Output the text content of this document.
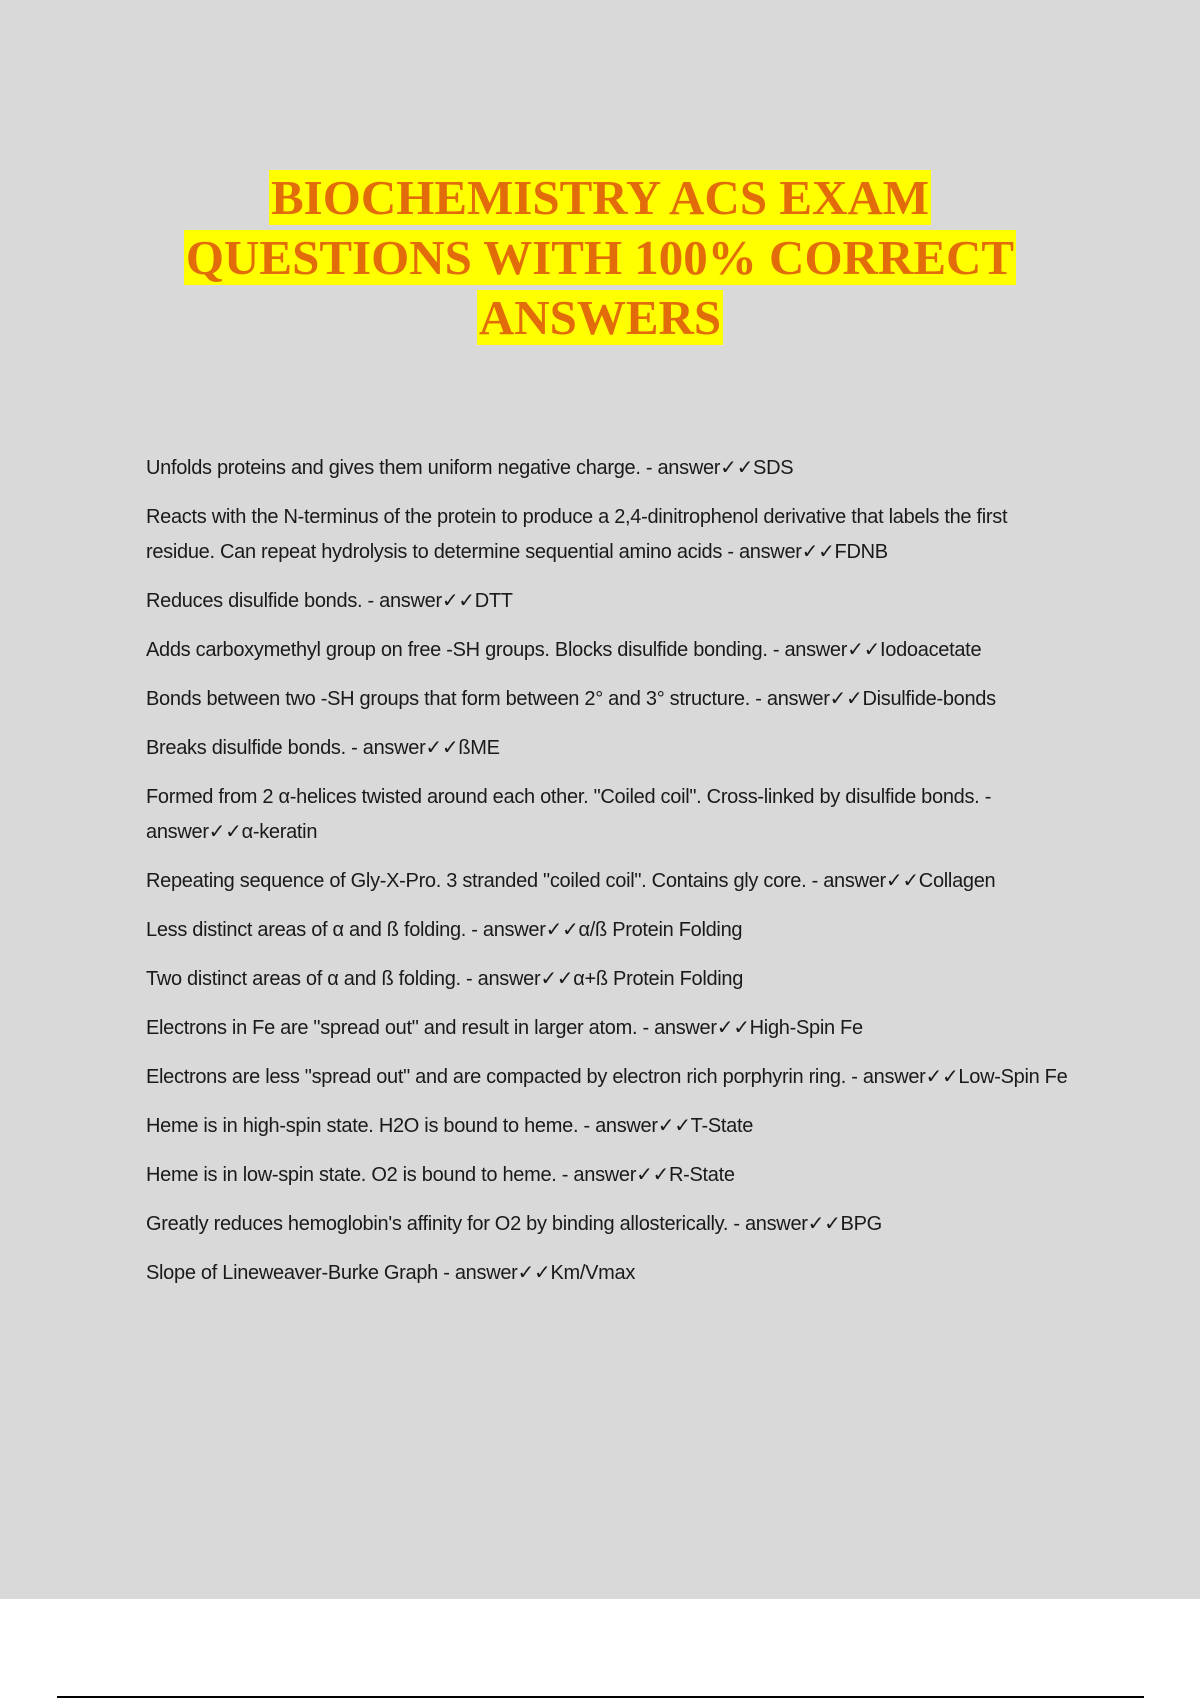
BIOCHEMISTRY ACS EXAM
QUESTIONS WITH 100% CORRECT
ANSWERS
Unfolds proteins and gives them uniform negative charge. - answer✓✓SDS
Reacts with the N-terminus of the protein to produce a 2,4-dinitrophenol derivative that labels the first residue. Can repeat hydrolysis to determine sequential amino acids - answer✓✓FDNB
Reduces disulfide bonds. - answer✓✓DTT
Adds carboxymethyl group on free -SH groups. Blocks disulfide bonding. - answer✓✓Iodoacetate
Bonds between two -SH groups that form between 2° and 3° structure. - answer✓✓Disulfide-bonds
Breaks disulfide bonds. - answer✓✓ßME
Formed from 2 α-helices twisted around each other. "Coiled coil". Cross-linked by disulfide bonds. - answer✓✓α-keratin
Repeating sequence of Gly-X-Pro. 3 stranded "coiled coil". Contains gly core. - answer✓✓Collagen
Less distinct areas of α and ß folding. - answer✓✓α/ß Protein Folding
Two distinct areas of α and ß folding. - answer✓✓α+ß Protein Folding
Electrons in Fe are "spread out" and result in larger atom. - answer✓✓High-Spin Fe
Electrons are less "spread out" and are compacted by electron rich porphyrin ring. - answer✓✓Low-Spin Fe
Heme is in high-spin state. H2O is bound to heme. - answer✓✓T-State
Heme is in low-spin state. O2 is bound to heme. - answer✓✓R-State
Greatly reduces hemoglobin's affinity for O2 by binding allosterically. - answer✓✓BPG
Slope of Lineweaver-Burke Graph - answer✓✓Km/Vmax
